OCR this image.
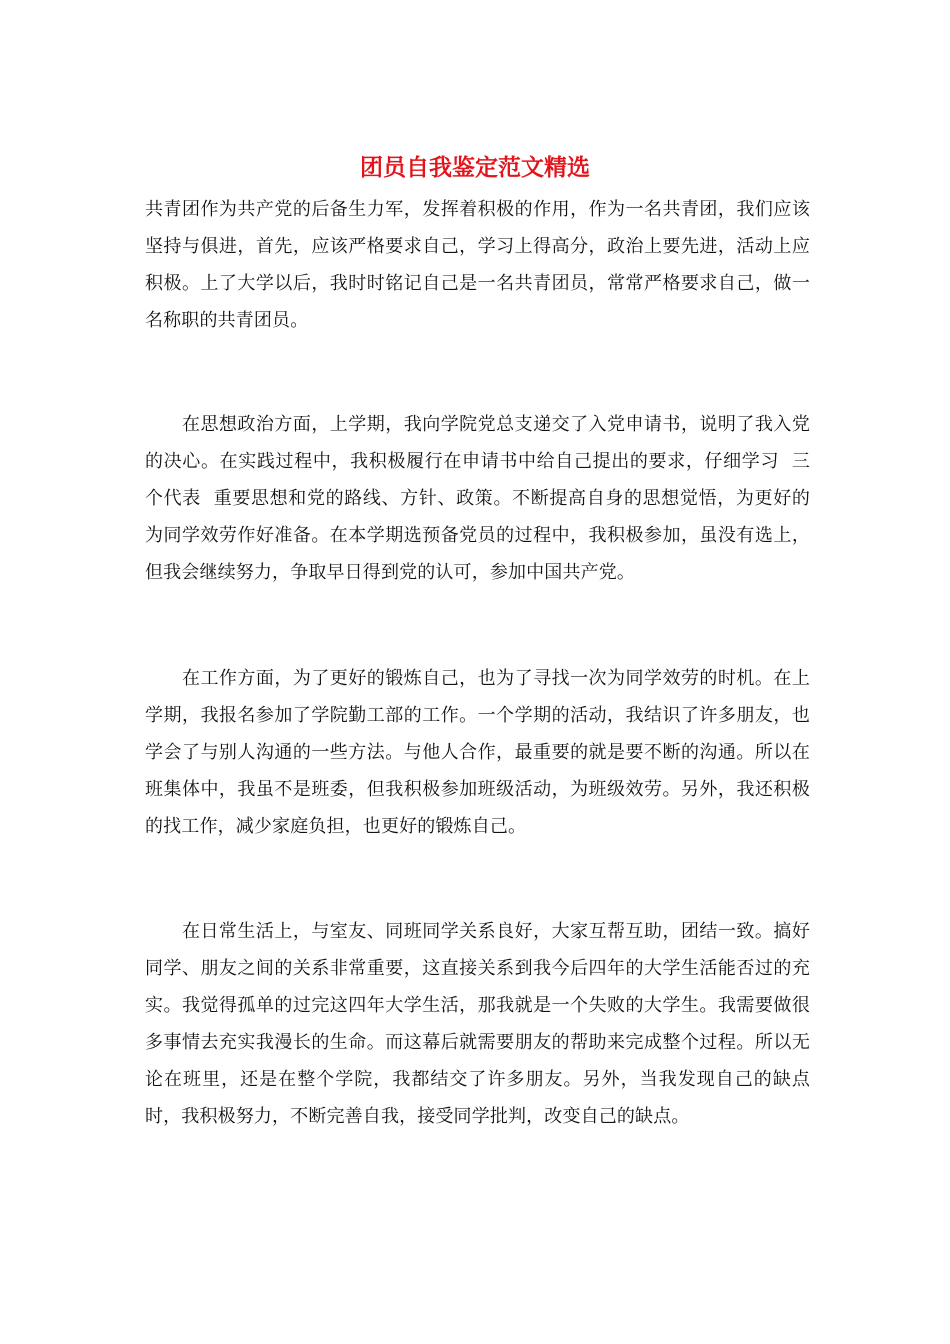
团员自我鉴定范文精选

共青团作为共产党的后备生力军，发挥着积极的作用，作为一名共青团，我们应该坚持与俱进，首先，应该严格要求自己，学习上得高分，政治上要先进，活动上应积极。上了大学以后，我时时铭记自己是一名共青团员，常常严格要求自己，做一名称职的共青团员。

　　在思想政治方面，上学期，我向学院党总支递交了入党申请书，说明了我入党的决心。在实践过程中，我积极履行在申请书中给自己提出的要求，仔细学习  三个代表  重要思想和党的路线、方针、政策。不断提高自身的思想觉悟，为更好的为同学效劳作好准备。在本学期选预备党员的过程中，我积极参加，虽没有选上，但我会继续努力，争取早日得到党的认可，参加中国共产党。

　　在工作方面，为了更好的锻炼自己，也为了寻找一次为同学效劳的时机。在上学期，我报名参加了学院勤工部的工作。一个学期的活动，我结识了许多朋友，也学会了与别人沟通的一些方法。与他人合作，最重要的就是要不断的沟通。所以在班集体中，我虽不是班委，但我积极参加班级活动，为班级效劳。另外，我还积极的找工作，减少家庭负担，也更好的锻炼自己。

　　在日常生活上，与室友、同班同学关系良好，大家互帮互助，团结一致。搞好同学、朋友之间的关系非常重要，这直接关系到我今后四年的大学生活能否过的充实。我觉得孤单的过完这四年大学生活，那我就是一个失败的大学生。我需要做很多事情去充实我漫长的生命。而这幕后就需要朋友的帮助来完成整个过程。所以无论在班里，还是在整个学院，我都结交了许多朋友。另外，当我发现自己的缺点时，我积极努力，不断完善自我，接受同学批判，改变自己的缺点。
